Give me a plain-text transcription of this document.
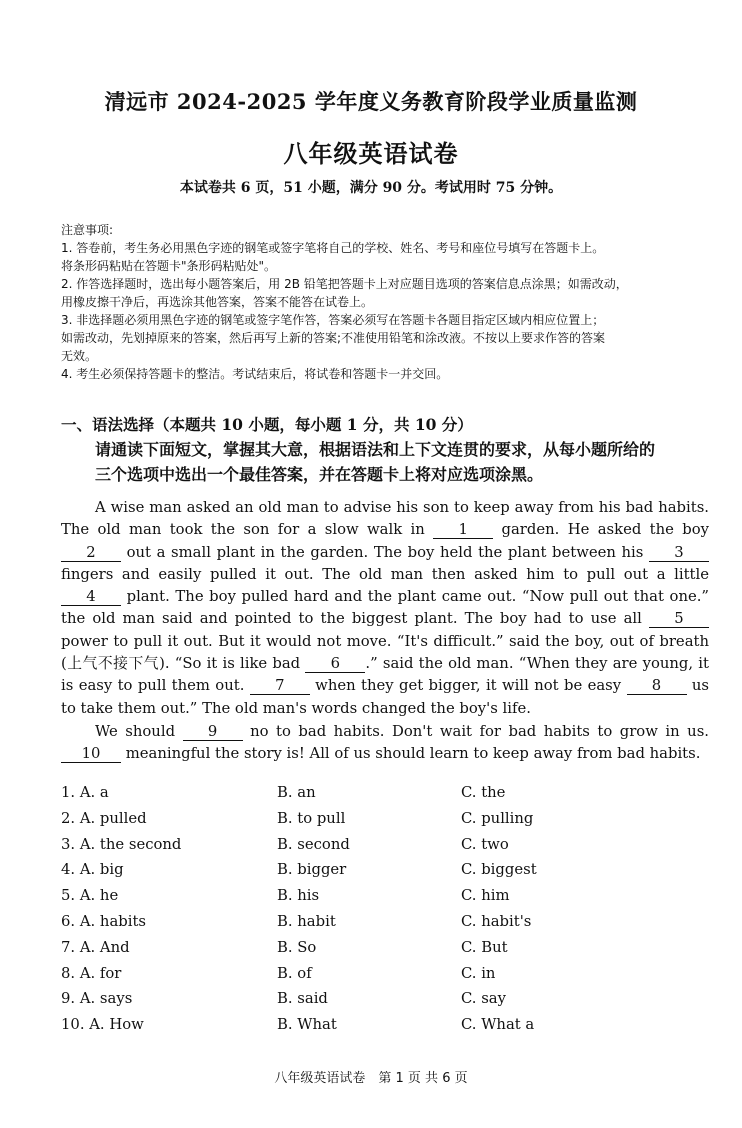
清远市 2024-2025 学年度义务教育阶段学业质量监测
八年级英语试卷
本试卷共 6 页，51 小题，满分 90 分。考试用时 75 分钟。
注意事项:
1. 答卷前，考生务必用黑色字迹的钢笔或签字笔将自己的学校、姓名、考号和座位号填写在答题卡上。
将条形码粘贴在答题卡"条形码粘贴处"。
2. 作答选择题时，选出每小题答案后，用 2B 铅笔把答题卡上对应题目选项的答案信息点涂黑；如需改动，
用橡皮擦干净后，再选涂其他答案，答案不能答在试卷上。
3. 非选择题必须用黑色字迹的钢笔或签字笔作答，答案必须写在答题卡各题目指定区域内相应位置上；
如需改动，先划掉原来的答案，然后再写上新的答案;不准使用铅笔和涂改液。不按以上要求作答的答案
无效。
4. 考生必须保持答题卡的整洁。考试结束后，将试卷和答题卡一并交回。
一、语法选择（本题共 10 小题，每小题 1 分，共 10 分）
请通读下面短文，掌握其大意，根据语法和上下文连贯的要求，从每小题所给的
三个选项中选出一个最佳答案，并在答题卡上将对应选项涂黑。

A wise man asked an old man to advise his son to keep away from his bad habits. The old man took the son for a slow walk in 1 garden. He asked the boy 2 out a small plant in the garden. The boy held the plant between his 3 fingers and easily pulled it out. The old man then asked him to pull out a little 4 plant. The boy pulled hard and the plant came out. “Now pull out that one.” the old man said and pointed to the biggest plant. The boy had to use all 5 power to pull it out. But it would not move. “It's difficult.” said the boy, out of breath (上气不接下气). “So it is like bad 6 .” said the old man. “When they are young, it is easy to pull them out. 7 when they get bigger, it will not be easy 8 us to take them out.” The old man's words changed the boy's life.

We should 9 no to bad habits. Don't wait for bad habits to grow in us. 10 meaningful the story is! All of us should learn to keep away from bad habits.

1. A. a	B. an	C. the
2. A. pulled	B. to pull	C. pulling
3. A. the second	B. second	C. two
4. A. big	B. bigger	C. biggest
5. A. he	B. his	C. him
6. A. habits	B. habit	C. habit's
7. A. And	B. So	C. But
8. A. for	B. of	C. in
9. A. says	B. said	C. say
10. A. How	B. What	C. What a
八年级英语试卷　第 1 页 共 6 页
